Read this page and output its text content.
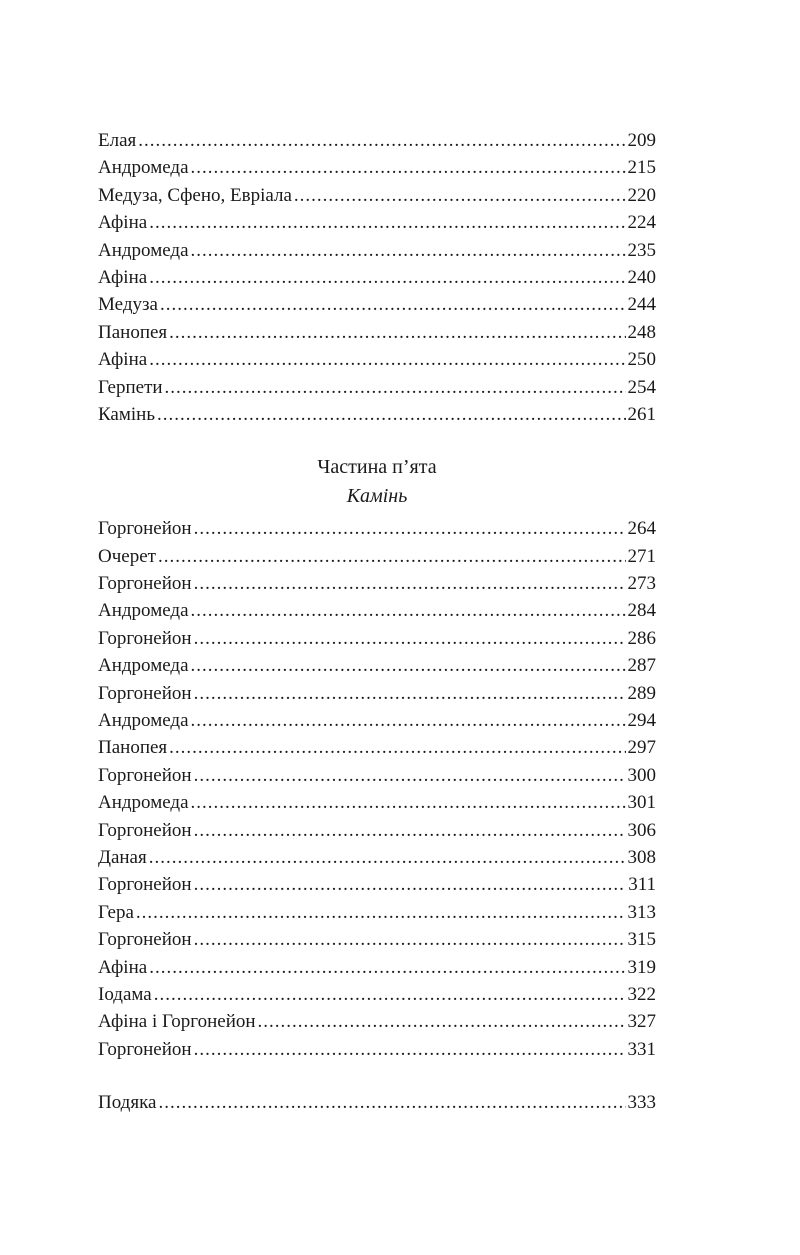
Елая .....	209
Андромеда .....	215
Медуза, Сфено, Евріала .....	220
Афіна .....	224
Андромеда .....	235
Афіна .....	240
Медуза .....	244
Панопея .....	248
Афіна .....	250
Герпети .....	254
Камінь .....	261
Частина п’ята
Камінь
Горгонейон .....	264
Очерет .....	271
Горгонейон .....	273
Андромеда .....	284
Горгонейон .....	286
Андромеда .....	287
Горгонейон .....	289
Андромеда .....	294
Панопея .....	297
Горгонейон .....	300
Андромеда .....	301
Горгонейон .....	306
Даная .....	308
Горгонейон .....	311
Гера .....	313
Горгонейон .....	315
Афіна .....	319
Іодама .....	322
Афіна і Горгонейон .....	327
Горгонейон .....	331
Подяка .....	333
